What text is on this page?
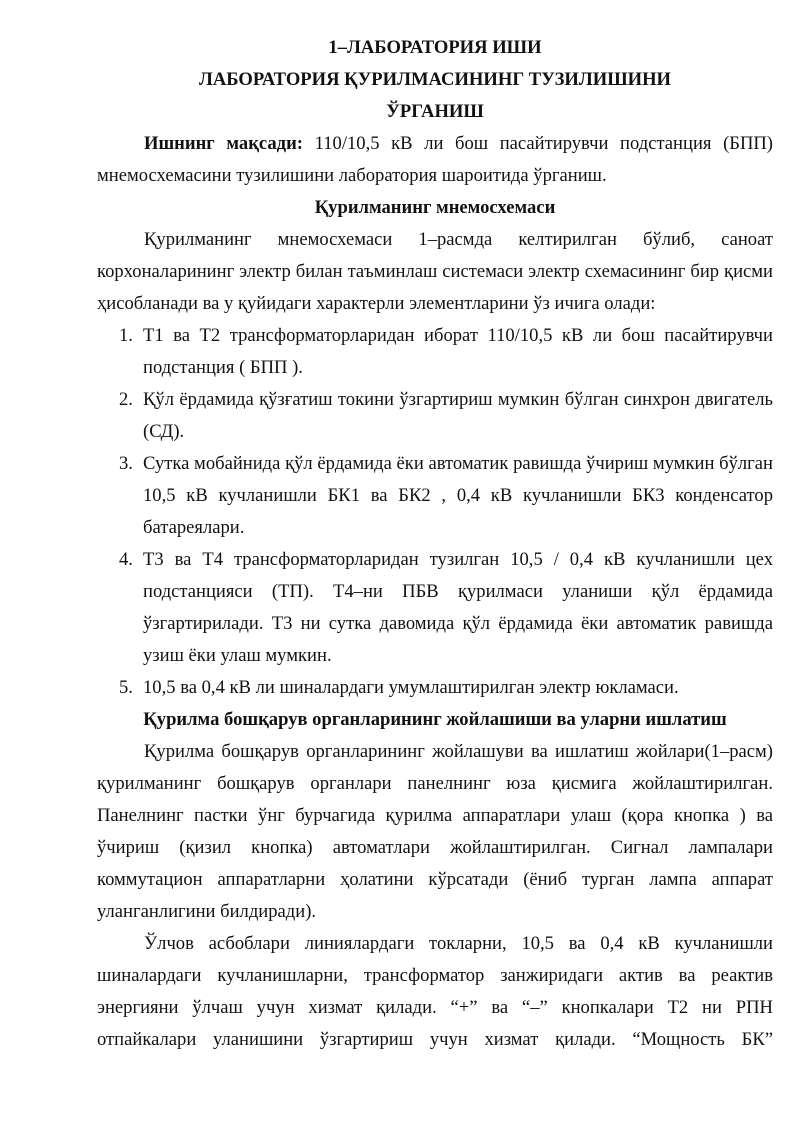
1–ЛАБОРАТОРИЯ ИШИ

ЛАБОРАТОРИЯ ҚУРИЛМАСИНИНГ ТУЗИЛИШИНИ

ЎРГАНИШ

Ишнинг мақсади: 110/10,5 кВ ли бош пасайтирувчи подстанция (БПП) мнемосхемасини тузилишини лаборатория шароитида ўрганиш.

Қурилманинг мнемосхемаси

Қурилманинг мнемосхемаси 1–расмда келтирилган бўлиб, саноат корхоналарининг электр билан таъминлаш системаси электр схемасининг бир қисми ҳисобланади ва у қуйидаги характерли элементларини ўз ичига олади:

1. Т1 ва Т2 трансформаторларидан иборат 110/10,5 кВ ли бош пасайтирувчи подстанция ( БПП ).
2. Қўл ёрдамида қўзғатиш токини ўзгартириш мумкин бўлган синхрон двигатель (СД).
3. Сутка мобайнида қўл ёрдамида ёки автоматик равишда ўчириш мумкин бўлган 10,5 кВ кучланишли БК1 ва БК2 , 0,4 кВ кучланишли БК3 конденсатор батареялари.
4. Т3 ва Т4 трансформаторларидан тузилган 10,5 / 0,4 кВ кучланишли цех подстанцияси (ТП). Т4–ни ПБВ қурилмаси уланиши қўл ёрдамида ўзгартирилади. Т3 ни сутка давомида қўл ёрдамида ёки автоматик равишда узиш ёки улаш мумкин.
5. 10,5 ва 0,4 кВ ли шиналардаги умумлаштирилган электр юкламаси.

Қурилма бошқарув органларининг жойлашиши ва уларни ишлатиш

Қурилма бошқарув органларининг жойлашуви ва ишлатиш жойлари(1–расм) қурилманинг бошқарув органлари панелнинг юза қисмига жойлаштирилган. Панелнинг пастки ўнг бурчагида қурилма аппаратлари улаш (қора кнопка ) ва ўчириш (қизил кнопка) автоматлари жойлаштирилган. Сигнал лампалари коммутацион аппаратларни ҳолатини кўрсатади (ёниб турган лампа аппарат уланганлигини билдиради).

Ўлчов асбоблари линиялардаги токларни, 10,5 ва 0,4 кВ кучланишли шиналардаги кучланишларни, трансформатор занжиридаги актив ва реактив энергияни ўлчаш учун хизмат қилади. “+” ва “–” кнопкалари Т2 ни РПН отпайкалари уланишини ўзгартириш учун хизмат қилади. “Мощность БК”
